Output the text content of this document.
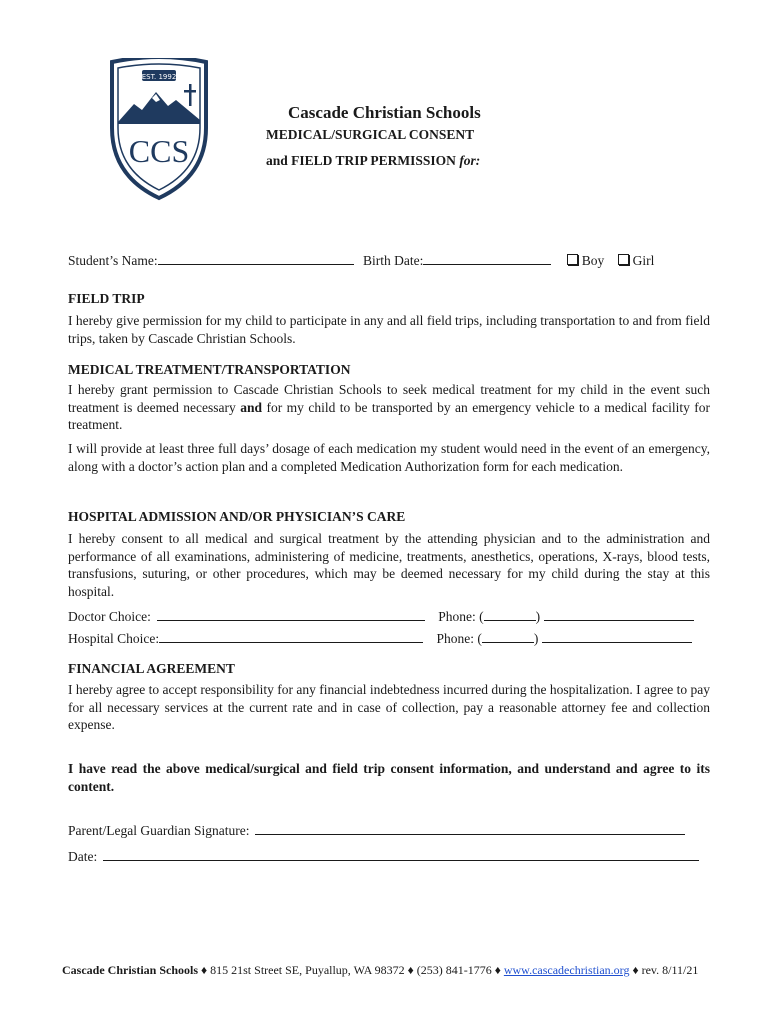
EST. 1992
CCS
Cascade Christian Schools
MEDICAL/SURGICAL CONSENT
and FIELD TRIP PERMISSION for:
Student’s Name:	Birth Date:	Boy Girl
FIELD TRIP
I hereby give permission for my child to participate in any and all field trips, including transportation to and from field trips, taken by Cascade Christian Schools.
MEDICAL TREATMENT/TRANSPORTATION
I hereby grant permission to Cascade Christian Schools to seek medical treatment for my child in the event such treatment is deemed necessary and for my child to be transported by an emergency vehicle to a medical facility for treatment.
I will provide at least three full days’ dosage of each medication my student would need in the event of an emergency, along with a doctor’s action plan and a completed Medication Authorization form for each medication.
HOSPITAL ADMISSION AND/OR PHYSICIAN’S CARE
I hereby consent to all medical and surgical treatment by the attending physician and to the administration and performance of all examinations, administering of medicine, treatments, anesthetics, operations, X-rays, blood tests, transfusions, suturing, or other procedures, which may be deemed necessary for my child during the stay at this hospital.
Doctor Choice:	Phone: (	)
Hospital Choice:	Phone: (	)
FINANCIAL AGREEMENT
I hereby agree to accept responsibility for any financial indebtedness incurred during the hospitalization. I agree to pay for all necessary services at the current rate and in case of collection, pay a reasonable attorney fee and collection expense.
I have read the above medical/surgical and field trip consent information, and understand and agree to its content.
Parent/Legal Guardian Signature:
Date:
Cascade Christian Schools ♦ 815 21st Street SE, Puyallup, WA 98372 ♦ (253) 841-1776 ♦ www.cascadechristian.org ♦ rev. 8/11/21
